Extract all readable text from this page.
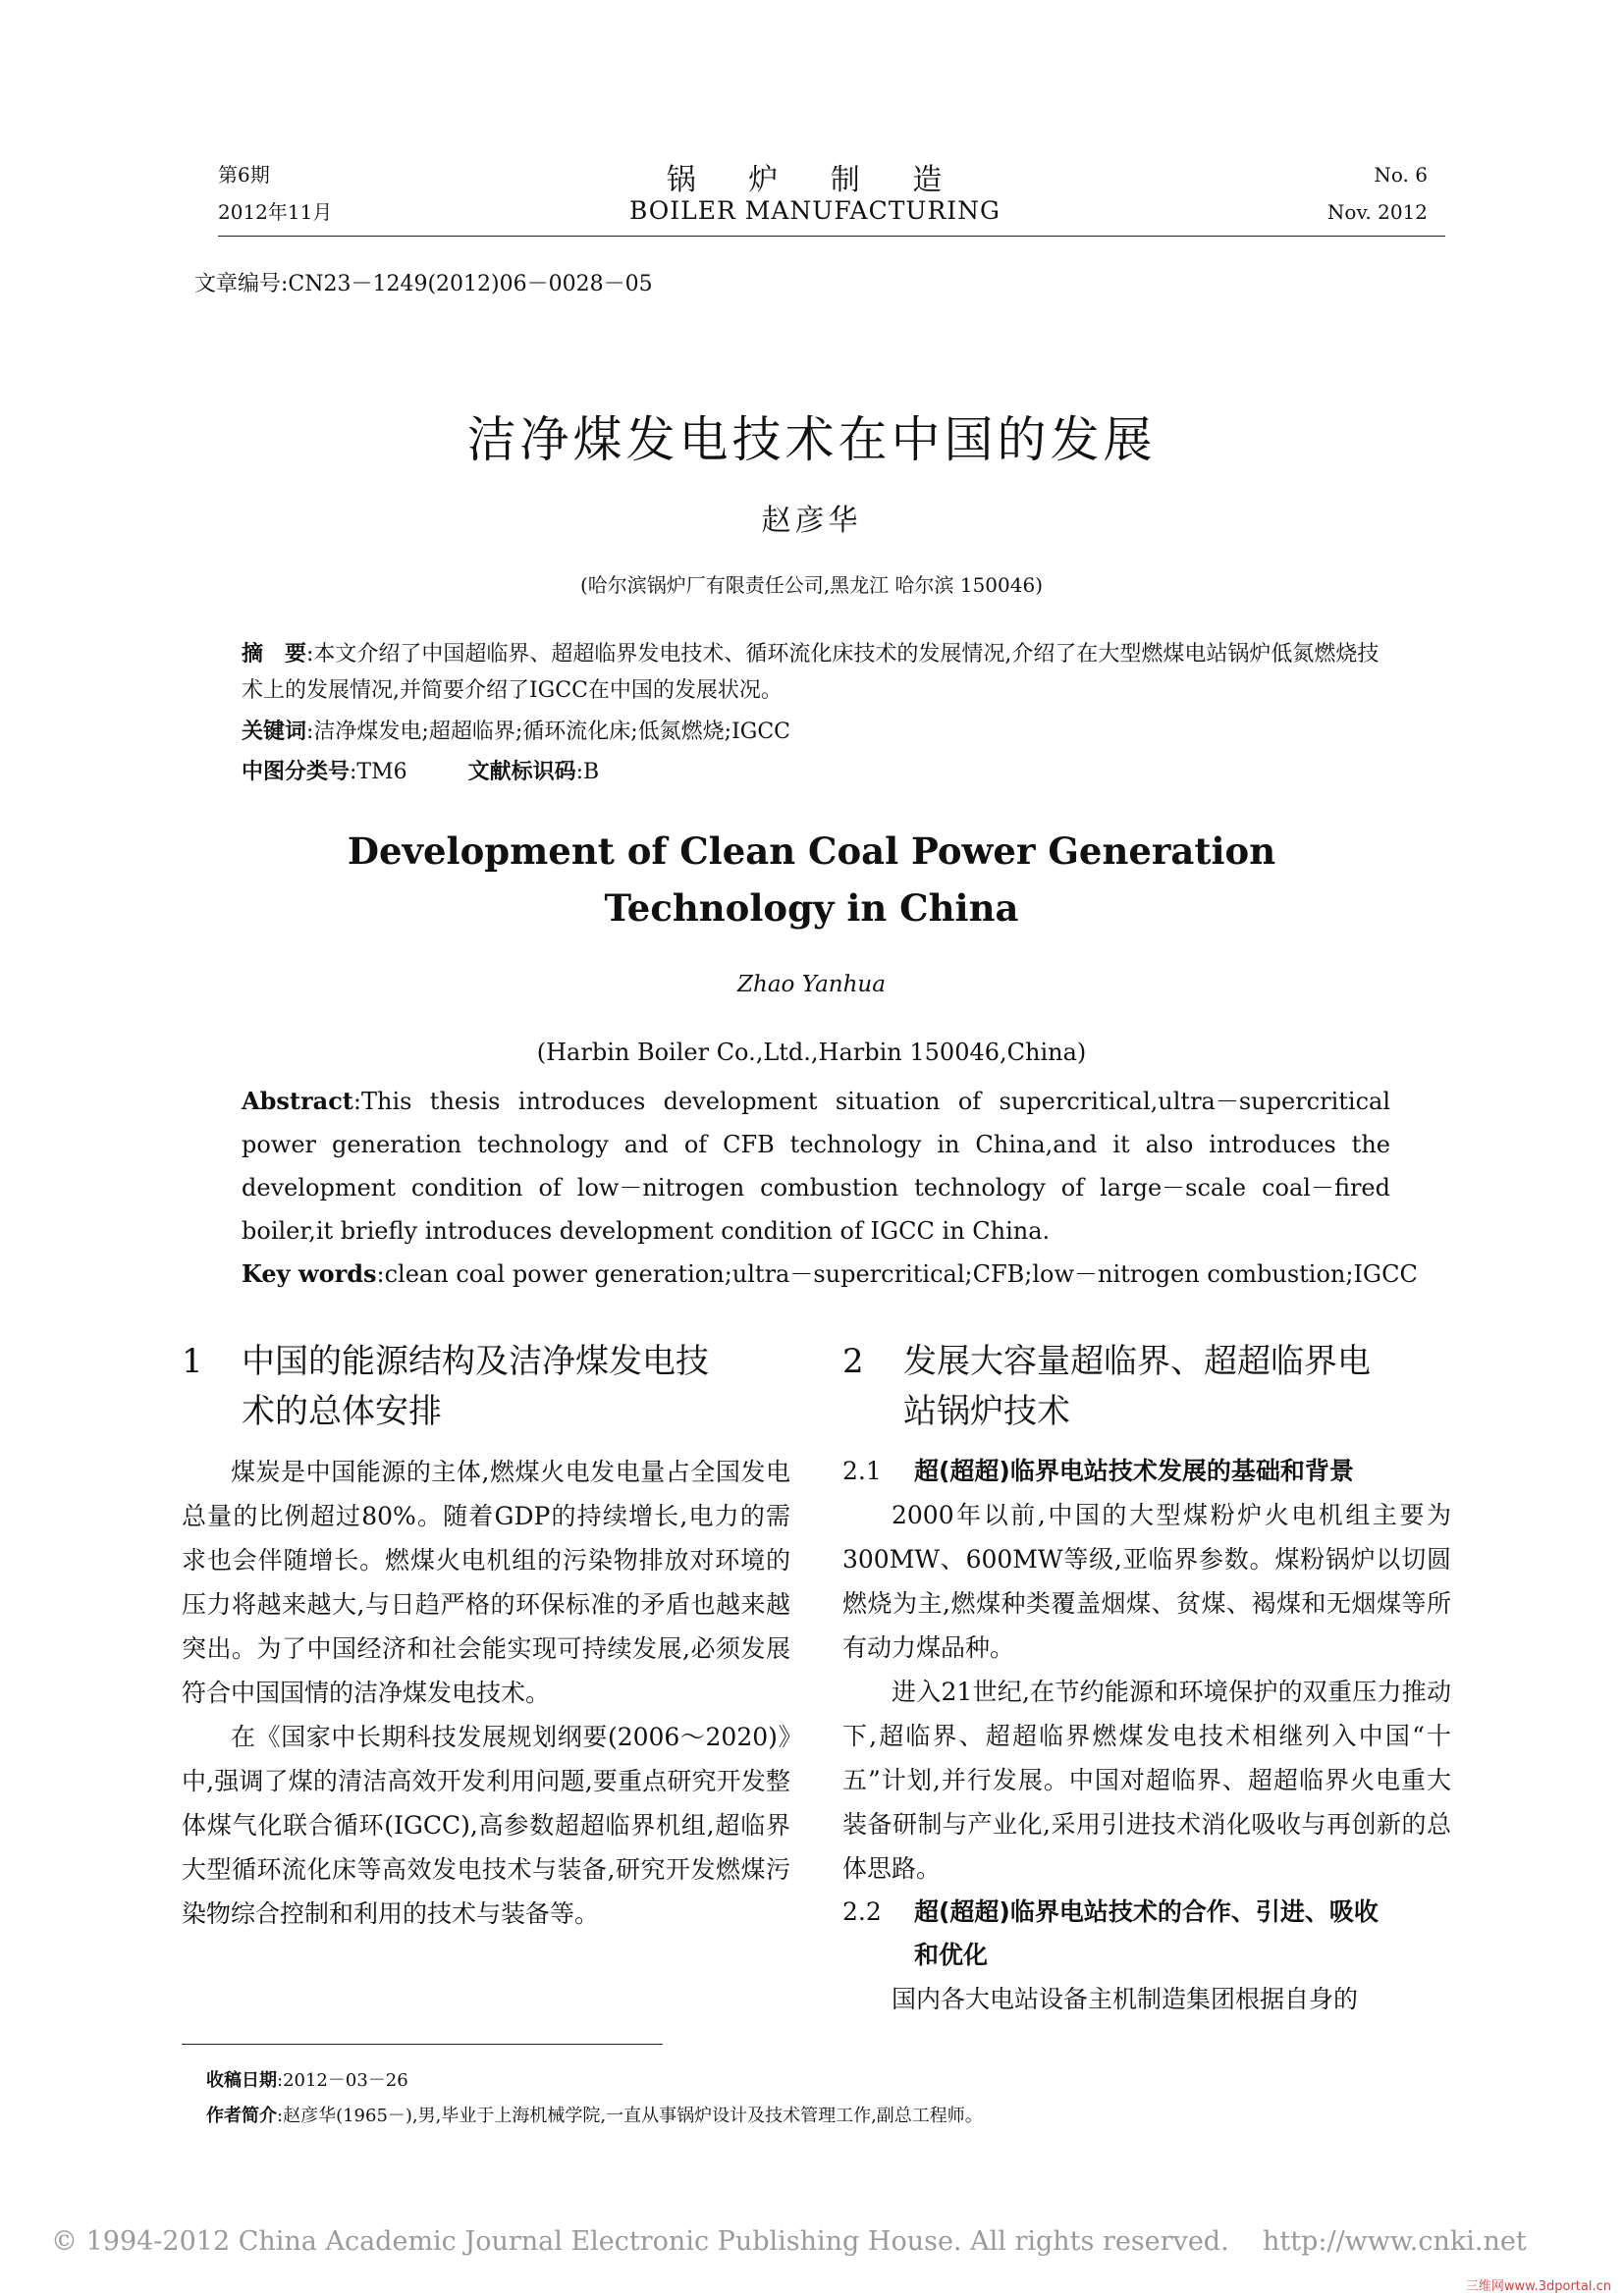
第6期
2012年11月
锅 炉 制 造
BOILER MANUFACTURING
No. 6
Nov. 2012
文章编号:CN23－1249(2012)06－0028－05
洁净煤发电技术在中国的发展
赵彦华
(哈尔滨锅炉厂有限责任公司,黑龙江 哈尔滨 150046)
摘　要:本文介绍了中国超临界、超超临界发电技术、循环流化床技术的发展情况,介绍了在大型燃煤电站锅炉低氮燃烧技术上的发展情况,并简要介绍了IGCC在中国的发展状况。
关键词:洁净煤发电;超超临界;循环流化床;低氮燃烧;IGCC
中图分类号:TM6	文献标识码:B
Development of Clean Coal Power Generation
Technology in China
Zhao Yanhua
(Harbin Boiler Co.,Ltd.,Harbin 150046,China)
Abstract:This thesis introduces development situation of supercritical,ultra－supercritical power generation technology and of CFB technology in China,and it also introduces the development condition of low－nitrogen combustion technology of large－scale coal－fired boiler,it briefly introduces development condition of IGCC in China.
Key words:clean coal power generation;ultra－supercritical;CFB;low－nitrogen combustion;IGCC
1 中国的能源结构及洁净煤发电技
术的总体安排

煤炭是中国能源的主体,燃煤火电发电量占全国发电总量的比例超过80%。随着GDP的持续增长,电力的需求也会伴随增长。燃煤火电机组的污染物排放对环境的压力将越来越大,与日趋严格的环保标准的矛盾也越来越突出。为了中国经济和社会能实现可持续发展,必须发展符合中国国情的洁净煤发电技术。

在《国家中长期科技发展规划纲要(2006～2020)》中,强调了煤的清洁高效开发利用问题,要重点研究开发整体煤气化联合循环(IGCC),高参数超超临界机组,超临界大型循环流化床等高效发电技术与装备,研究开发燃煤污染物综合控制和利用的技术与装备等。

2 发展大容量超临界、超超临界电
站锅炉技术
2.1 超(超超)临界电站技术发展的基础和背景

2000年以前,中国的大型煤粉炉火电机组主要为300MW、600MW等级,亚临界参数。煤粉锅炉以切圆燃烧为主,燃煤种类覆盖烟煤、贫煤、褐煤和无烟煤等所有动力煤品种。

进入21世纪,在节约能源和环境保护的双重压力推动下,超临界、超超临界燃煤发电技术相继列入中国“十五”计划,并行发展。中国对超临界、超超临界火电重大装备研制与产业化,采用引进技术消化吸收与再创新的总体思路。

2.2 超(超超)临界电站技术的合作、引进、吸收
和优化

国内各大电站设备主机制造集团根据自身的

收稿日期:2012－03－26
作者简介:赵彦华(1965－),男,毕业于上海机械学院,一直从事锅炉设计及技术管理工作,副总工程师。
© 1994-2012 China Academic Journal Electronic Publishing House. All rights reserved.    http://www.cnki.net
三维网www.3dportal.cn
